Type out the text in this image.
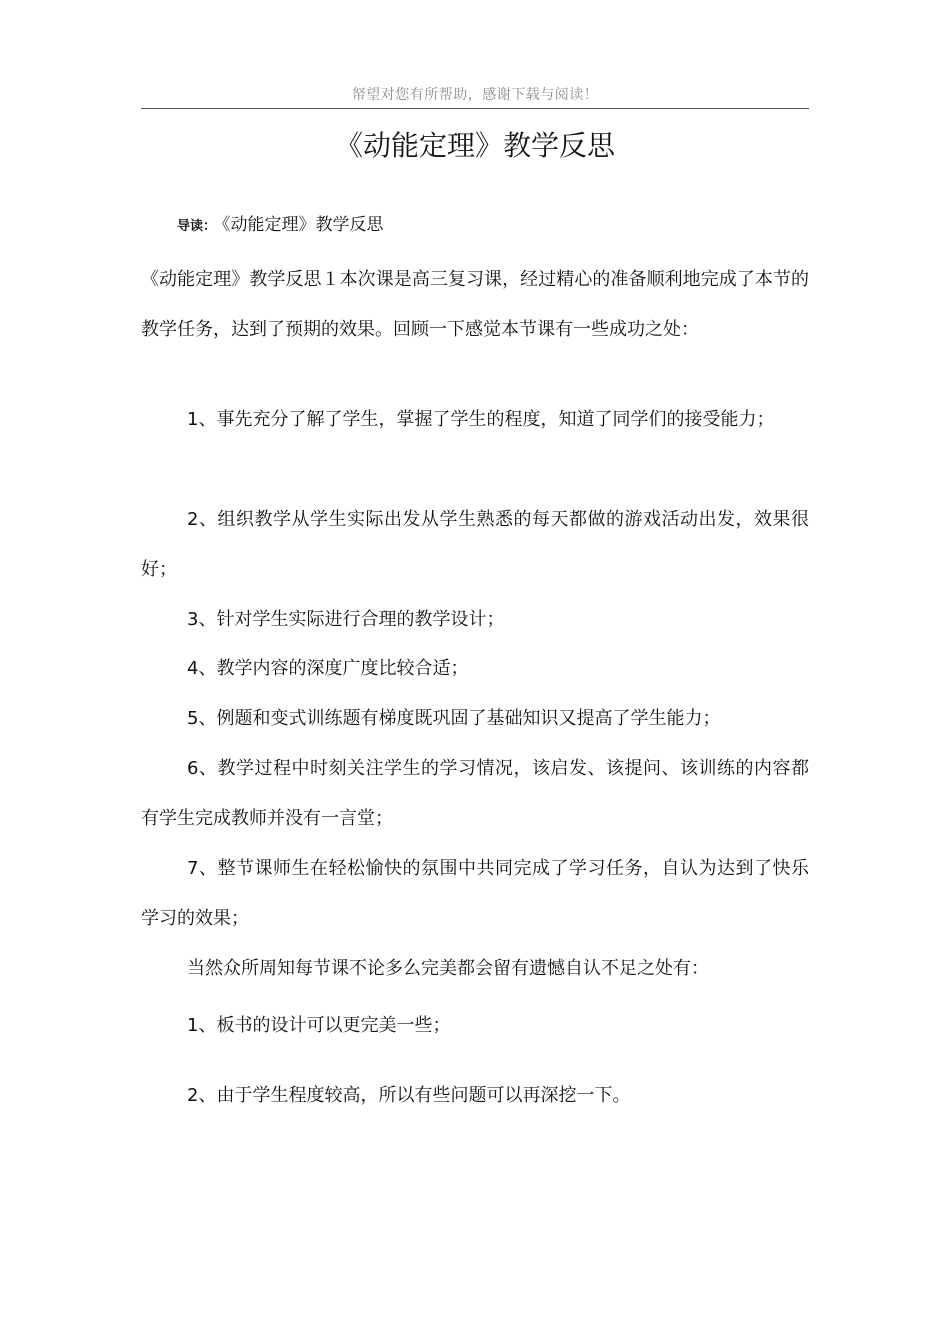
帑望对您有所帮助，感谢下载与阅读！
《动能定理》教学反思
导读： 《动能定理》教学反思

《动能定理》教学反思１本次课是高三复习课，经过精心的准备顺利地完成了本节的教学任务，达到了预期的效果。回顾一下感觉本节课有一些成功之处：

1、事先充分了解了学生，掌握了学生的程度，知道了同学们的接受能力；

2、组织教学从学生实际出发从学生熟悉的每天都做的游戏活动出发，效果很好；

3、针对学生实际进行合理的教学设计；

4、教学内容的深度广度比较合适；

5、例题和变式训练题有梯度既巩固了基础知识又提高了学生能力；

6、教学过程中时刻关注学生的学习情况，该启发、该提问、该训练的内容都有学生完成教师并没有一言堂；

7、整节课师生在轻松愉快的氛围中共同完成了学习任务，自认为达到了快乐学习的效果；

当然众所周知每节课不论多么完美都会留有遗憾自认不足之处有：

1、板书的设计可以更完美一些；

2、由于学生程度较高，所以有些问题可以再深挖一下。
